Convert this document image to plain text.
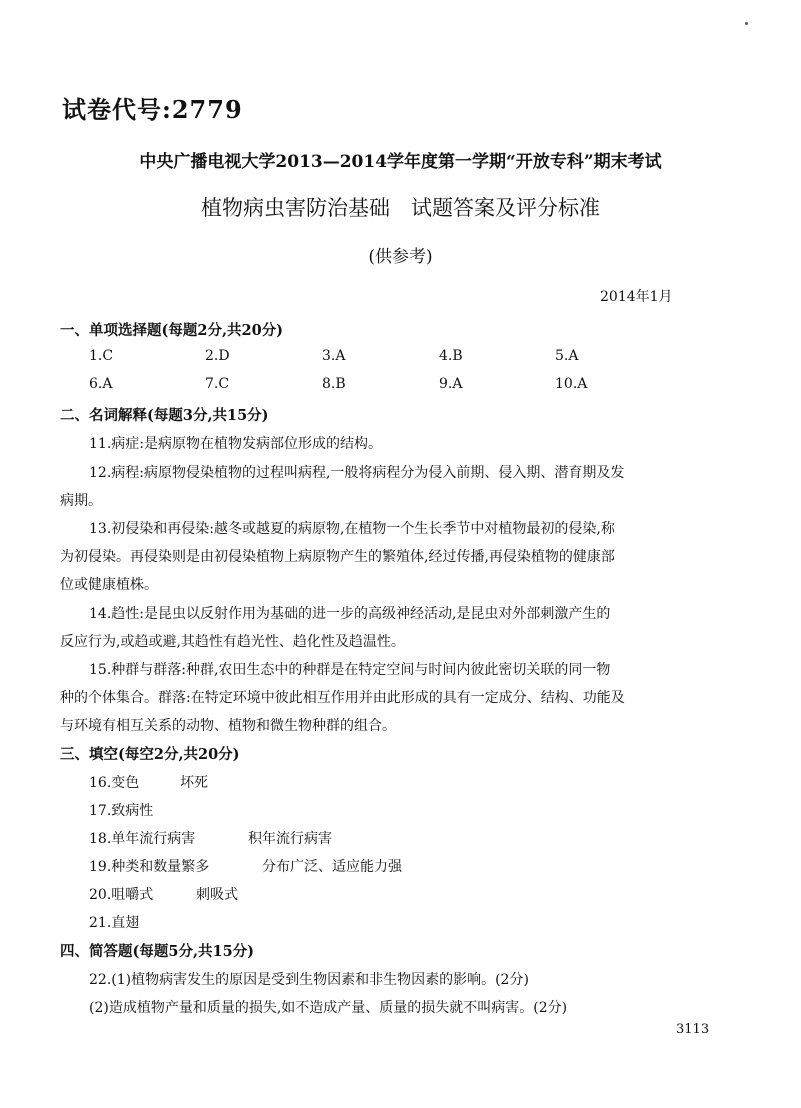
试卷代号:2779
中央广播电视大学2013—2014学年度第一学期“开放专科”期末考试
植物病虫害防治基础　试题答案及评分标准
(供参考)
2014年1月
一、单项选择题(每题2分,共20分)
1.C	2.D	3.A	4.B	5.A
6.A	7.C	8.B	9.A	10.A
二、名词解释(每题3分,共15分)
11.病症:是病原物在植物发病部位形成的结构。
12.病程:病原物侵染植物的过程叫病程,一般将病程分为侵入前期、侵入期、潜育期及发
病期。
13.初侵染和再侵染:越冬或越夏的病原物,在植物一个生长季节中对植物最初的侵染,称
为初侵染。再侵染则是由初侵染植物上病原物产生的繁殖体,经过传播,再侵染植物的健康部
位或健康植株。
14.趋性:是昆虫以反射作用为基础的进一步的高级神经活动,是昆虫对外部刺激产生的
反应行为,或趋或避,其趋性有趋光性、趋化性及趋温性。
15.种群与群落:种群,农田生态中的种群是在特定空间与时间内彼此密切关联的同一物
种的个体集合。群落:在特定环境中彼此相互作用并由此形成的具有一定成分、结构、功能及
与环境有相互关系的动物、植物和微生物种群的组合。
三、填空(每空2分,共20分)
16.变色	坏死
17.致病性
18.单年流行病害	积年流行病害
19.种类和数量繁多	分布广泛、适应能力强
20.咀嚼式	刺吸式
21.直翅
四、简答题(每题5分,共15分)
22.(1)植物病害发生的原因是受到生物因素和非生物因素的影响。(2分)
(2)造成植物产量和质量的损失,如不造成产量、质量的损失就不叫病害。(2分)
3113
